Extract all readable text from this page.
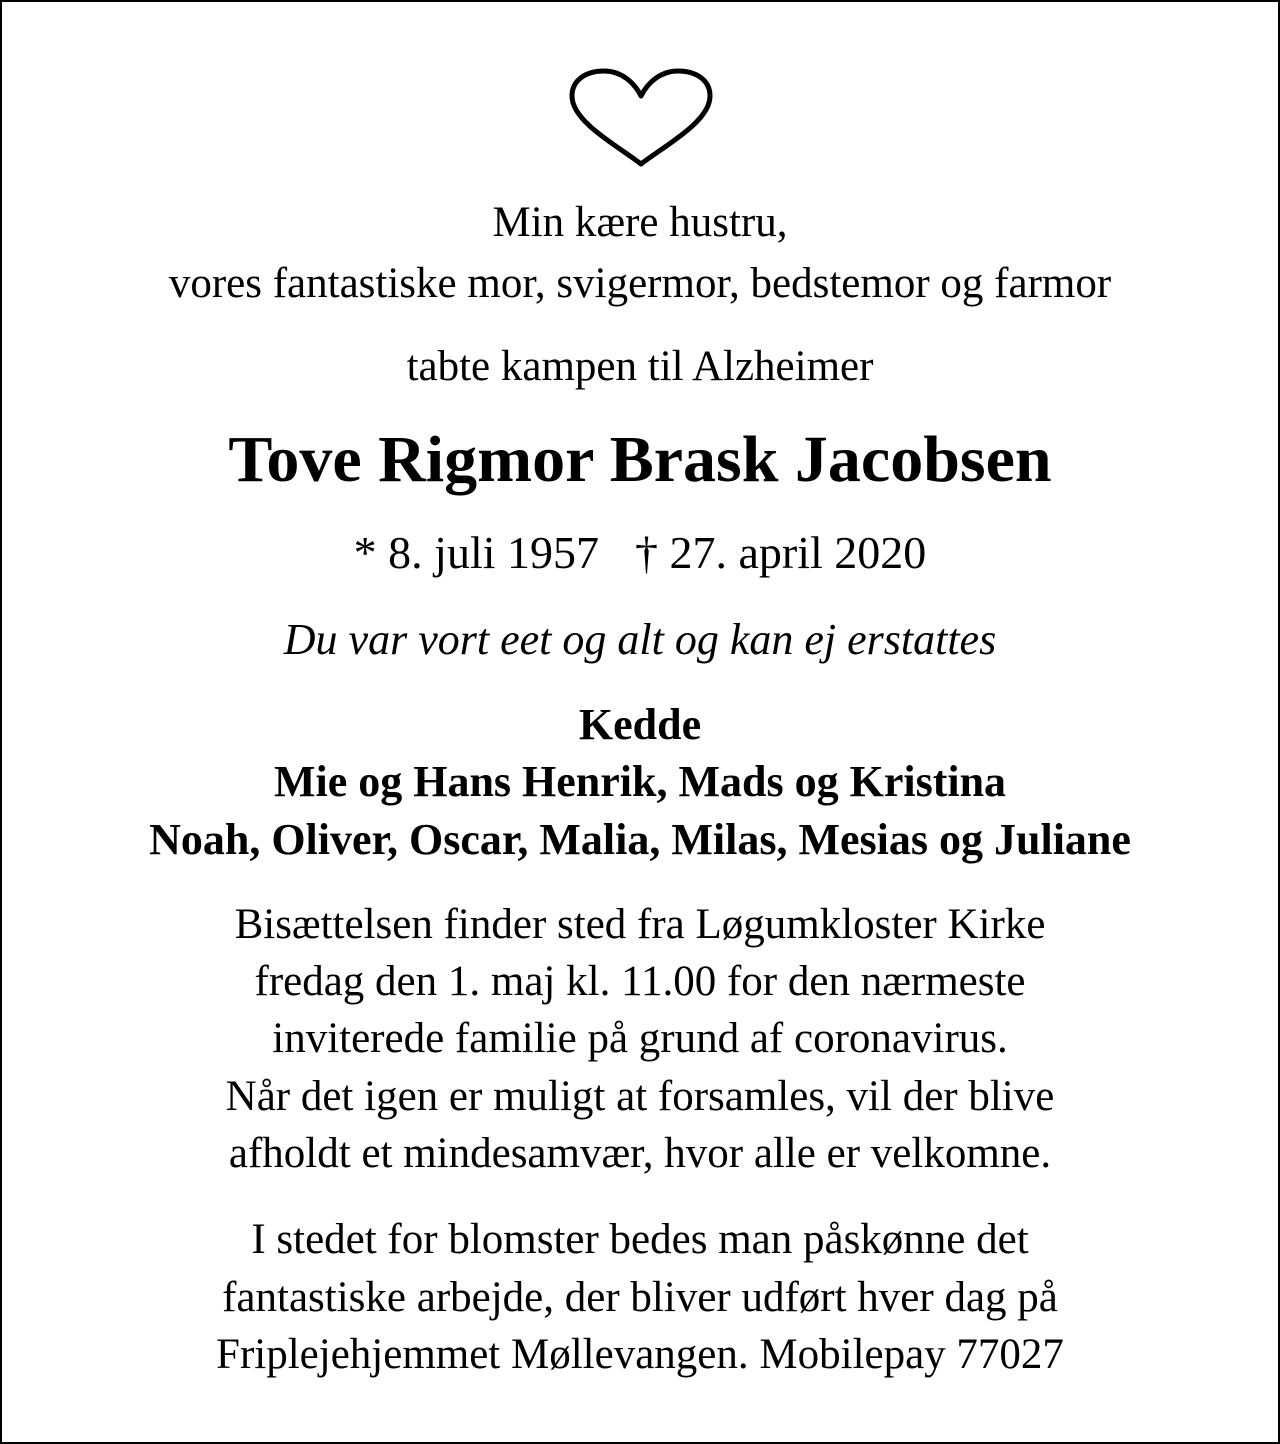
Min kære hustru,

vores fantastiske mor, svigermor, bedstemor og farmor

tabte kampen til Alzheimer

Tove Rigmor Brask Jacobsen

* 8. juli 1957 † 27. april 2020

Du var vort eet og alt og kan ej erstattes

Kedde

Mie og Hans Henrik, Mads og Kristina

Noah, Oliver, Oscar, Malia, Milas, Mesias og Juliane

Bisættelsen finder sted fra Løgumkloster Kirke

fredag den 1. maj kl. 11.00 for den nærmeste

inviterede familie på grund af coronavirus.

Når det igen er muligt at forsamles, vil der blive

afholdt et mindesamvær, hvor alle er velkomne.

I stedet for blomster bedes man påskønne det

fantastiske arbejde, der bliver udført hver dag på

Friplejehjemmet Møllevangen. Mobilepay 77027
